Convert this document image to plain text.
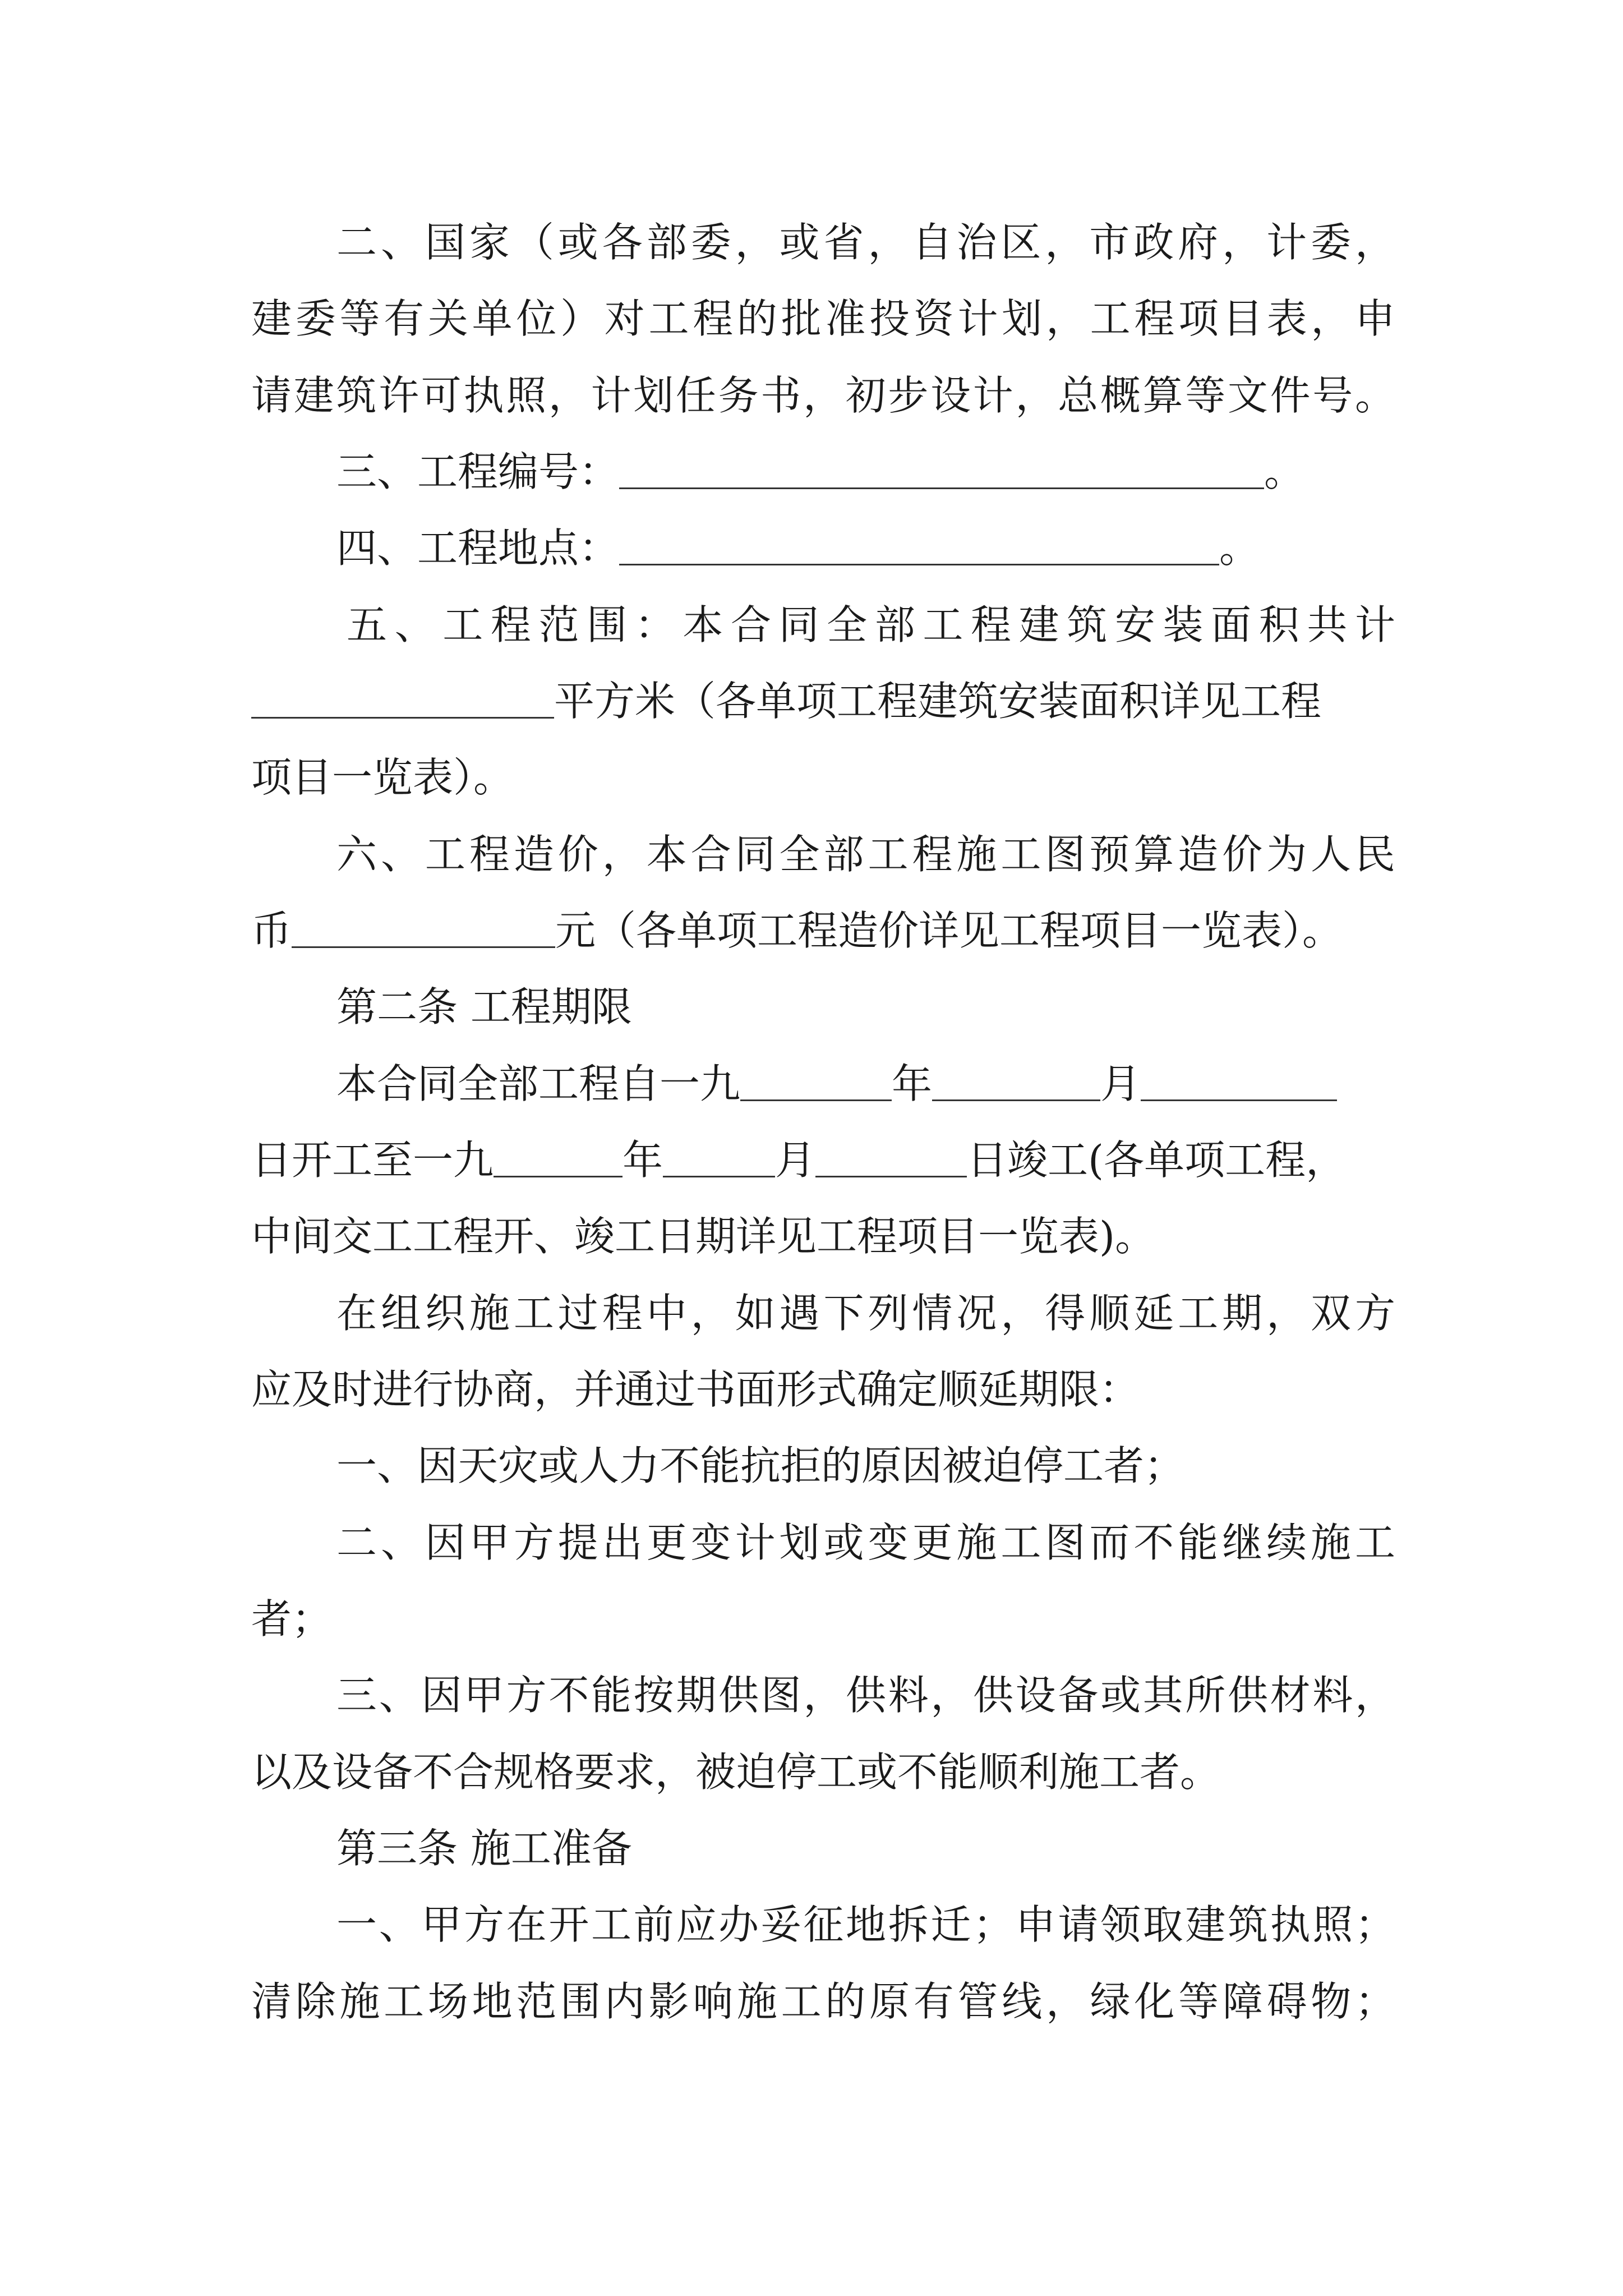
二、国家（或各部委，或省，自治区，市政府，计委，
建委等有关单位）对工程的批准投资计划，工程项目表，申
请建筑许可执照，计划任务书，初步设计，总概算等文件号。
三、工程编号：	。
四、工程地点：	。
五、工程范围：本合同全部工程建筑安装面积共计
平方米（各单项工程建筑安装面积详见工程
项目一览表）。
六、工程造价，本合同全部工程施工图预算造价为人民
币	元（各单项工程造价详见工程项目一览表）。
第二条 工程期限
本合同全部工程自一九	年	月
日开工至一九	年	月	日竣工(各单项工程，
中间交工工程开、竣工日期详见工程项目一览表)。
在组织施工过程中，如遇下列情况，得顺延工期，双方
应及时进行协商，并通过书面形式确定顺延期限：
一、因天灾或人力不能抗拒的原因被迫停工者；
二、因甲方提出更变计划或变更施工图而不能继续施工
者；
三、因甲方不能按期供图，供料，供设备或其所供材料，
以及设备不合规格要求，被迫停工或不能顺利施工者。
第三条 施工准备
一、甲方在开工前应办妥征地拆迁；申请领取建筑执照；
清除施工场地范围内影响施工的原有管线，绿化等障碍物；
